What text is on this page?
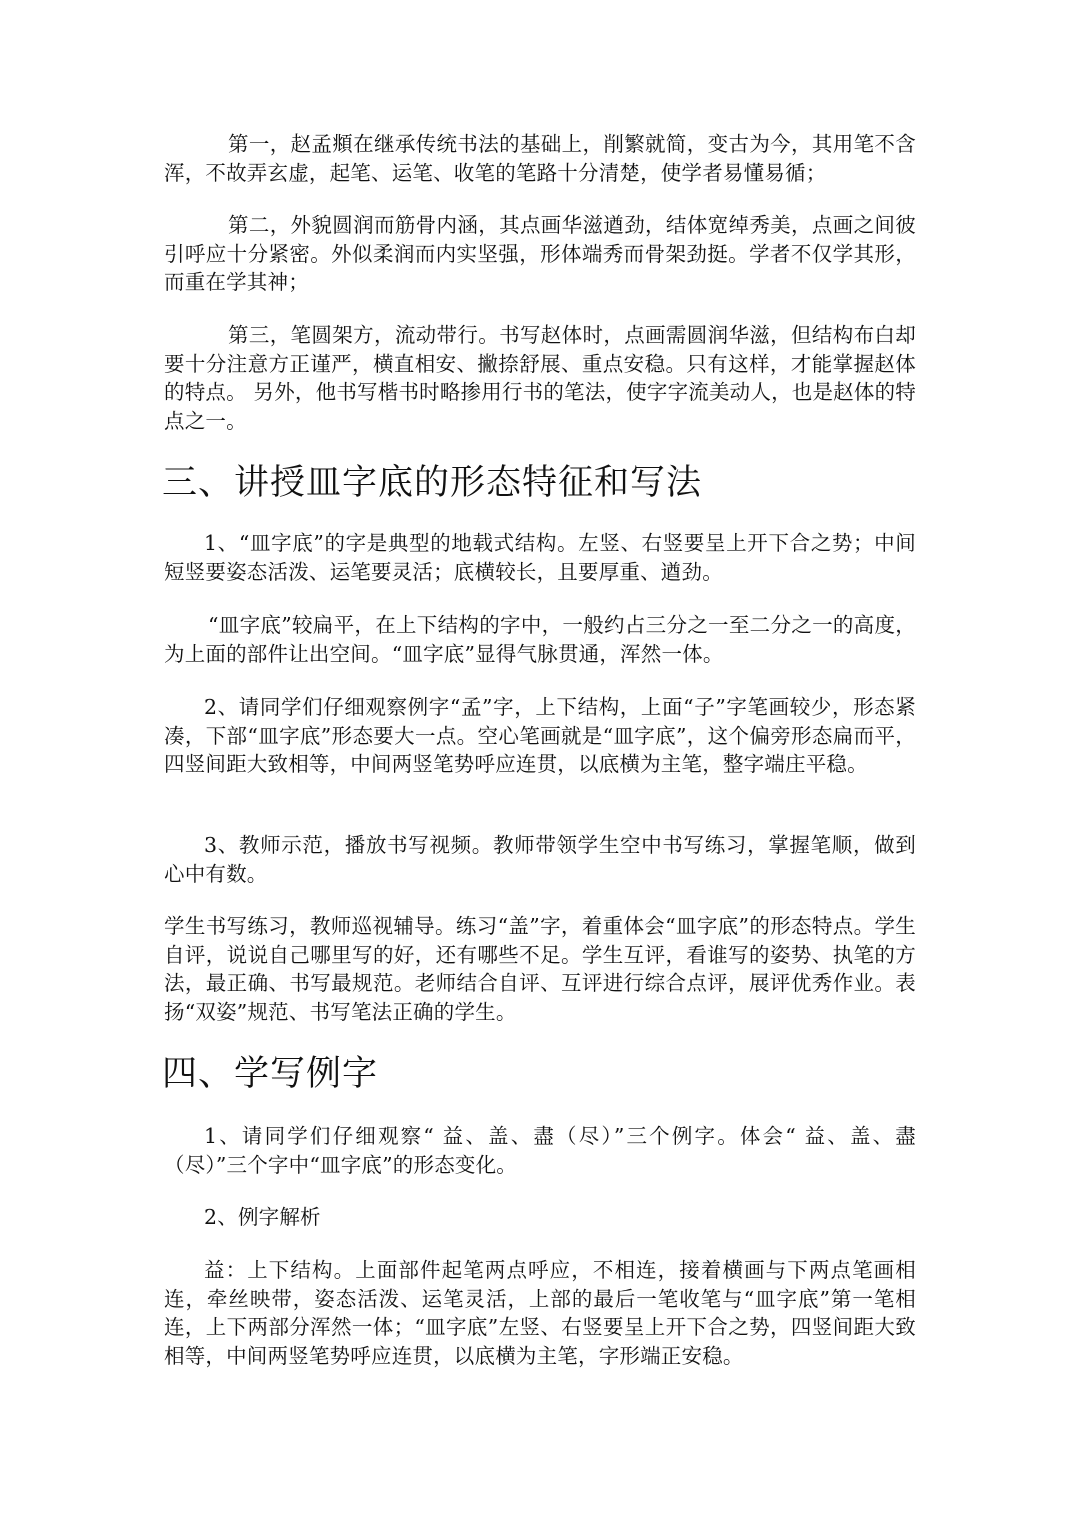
第一，赵孟頫在继承传统书法的基础上，削繁就简，变古为今，其用笔不含浑，不故弄玄虚，起笔、运笔、收笔的笔路十分清楚，使学者易懂易循；

第二，外貌圆润而筋骨内涵，其点画华滋遒劲，结体宽绰秀美，点画之间彼引呼应十分紧密。外似柔润而内实坚强，形体端秀而骨架劲挺。学者不仅学其形，而重在学其神；

第三，笔圆架方，流动带行。书写赵体时，点画需圆润华滋，但结构布白却要十分注意方正谨严，横直相安、撇捺舒展、重点安稳。只有这样，才能掌握赵体的特点。 另外，他书写楷书时略掺用行书的笔法，使字字流美动人，也是赵体的特点之一。

三、讲授皿字底的形态特征和写法

1、“皿字底”的字是典型的地载式结构。左竖、右竖要呈上开下合之势；中间短竖要姿态活泼、运笔要灵活；底横较长，且要厚重、遒劲。

“皿字底”较扁平，在上下结构的字中，一般约占三分之一至二分之一的高度，为上面的部件让出空间。“皿字底”显得气脉贯通，浑然一体。

2、请同学们仔细观察例字“孟”字，上下结构，上面“子”字笔画较少，形态紧凑，下部“皿字底”形态要大一点。空心笔画就是“皿字底”，这个偏旁形态扁而平，四竖间距大致相等，中间两竖笔势呼应连贯，以底横为主笔，整字端庄平稳。

3、教师示范，播放书写视频。教师带领学生空中书写练习，掌握笔顺，做到心中有数。

学生书写练习，教师巡视辅导。练习“盖”字，着重体会“皿字底”的形态特点。学生自评，说说自己哪里写的好，还有哪些不足。学生互评，看谁写的姿势、执笔的方法，最正确、书写最规范。老师结合自评、互评进行综合点评，展评优秀作业。表扬“双姿”规范、书写笔法正确的学生。

四、学写例字

1、请同学们仔细观察“ 益、盖、盡（尽）”三个例字。体会“ 益、盖、盡（尽）”三个字中“皿字底”的形态变化。

2、例字解析

益：上下结构。上面部件起笔两点呼应，不相连，接着横画与下两点笔画相连，牵丝映带，姿态活泼、运笔灵活，上部的最后一笔收笔与“皿字底”第一笔相连，上下两部分浑然一体；“皿字底”左竖、右竖要呈上开下合之势，四竖间距大致相等，中间两竖笔势呼应连贯，以底横为主笔，字形端正安稳。
